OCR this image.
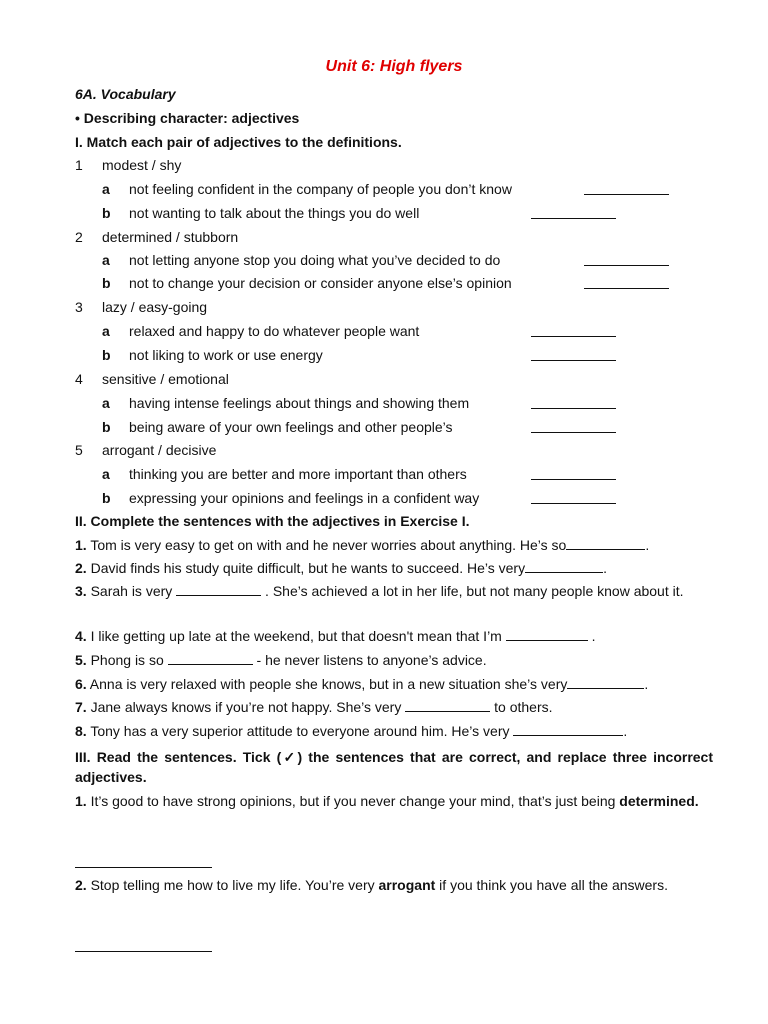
Unit 6: High flyers
6A. Vocabulary
• Describing character: adjectives
I. Match each pair of adjectives to the definitions.
1 modest / shy
a not feeling confident in the company of people you don’t know
b not wanting to talk about the things you do well
2 determined / stubborn
a not letting anyone stop you doing what you’ve decided to do
b not to change your decision or consider anyone else’s opinion
3 lazy / easy-going
a relaxed and happy to do whatever people want
b not liking to work or use energy
4 sensitive / emotional
a having intense feelings about things and showing them
b being aware of your own feelings and other people’s
5 arrogant / decisive
a thinking you are better and more important than others
b expressing your opinions and feelings in a confident way
II. Complete the sentences with the adjectives in Exercise I.
1. Tom is very easy to get on with and he never worries about anything. He’s so	.
2. David finds his study quite difficult, but he wants to succeed. He’s very	.
3. Sarah is very	. She’s achieved a lot in her life, but not many people know about it.
4. I like getting up late at the weekend, but that doesn't mean that I’m	.
5. Phong is so	- he never listens to anyone’s advice.
6. Anna is very relaxed with people she knows, but in a new situation she’s very	.
7. Jane always knows if you’re not happy. She’s very	to others.
8. Tony has a very superior attitude to everyone around him. He’s very	.
III. Read the sentences. Tick (✓) the sentences that are correct, and replace three incorrect adjectives.
1. It’s good to have strong opinions, but if you never change your mind, that’s just being determined.
2. Stop telling me how to live my life. You’re very arrogant if you think you have all the answers.
